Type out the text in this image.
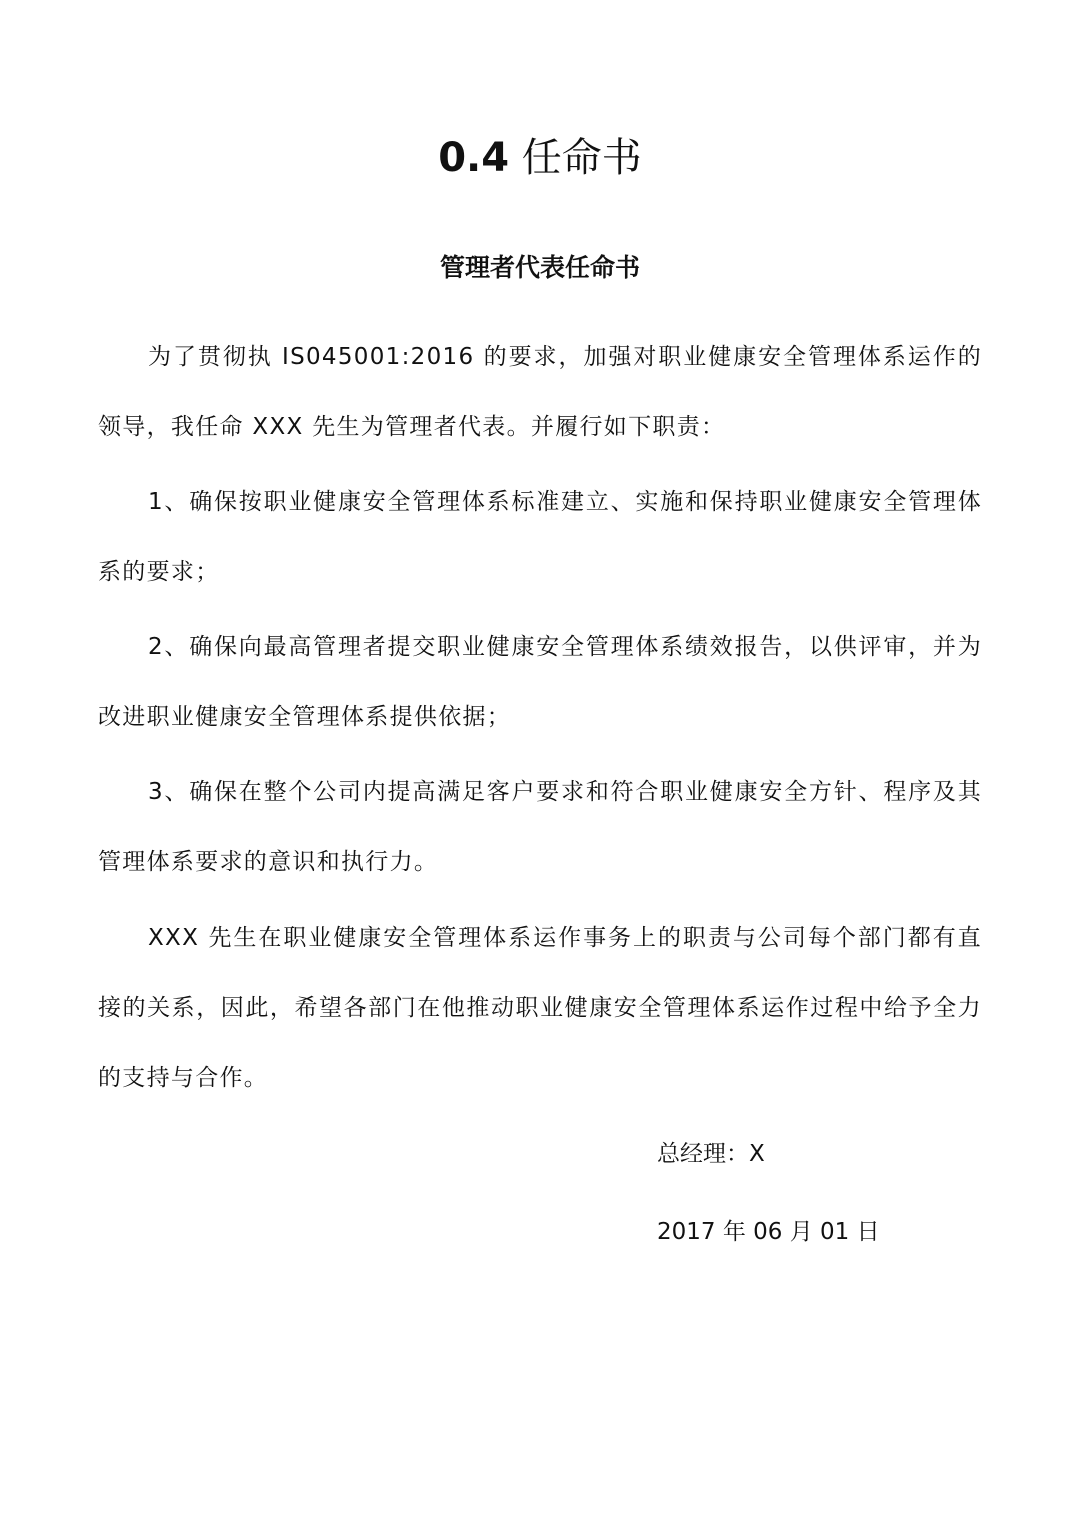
0.4 任命书
管理者代表任命书

为了贯彻执 IS045001:2016 的要求，加强对职业健康安全管理体系运作的领导，我任命 XXX 先生为管理者代表。并履行如下职责：

1、确保按职业健康安全管理体系标准建立、实施和保持职业健康安全管理体系的要求；

2、确保向最高管理者提交职业健康安全管理体系绩效报告，以供评审，并为改进职业健康安全管理体系提供依据；

3、确保在整个公司内提高满足客户要求和符合职业健康安全方针、程序及其管理体系要求的意识和执行力。

XXX 先生在职业健康安全管理体系运作事务上的职责与公司每个部门都有直接的关系，因此，希望各部门在他推动职业健康安全管理体系运作过程中给予全力的支持与合作。

总经理：X

2017 年 06 月 01 日
